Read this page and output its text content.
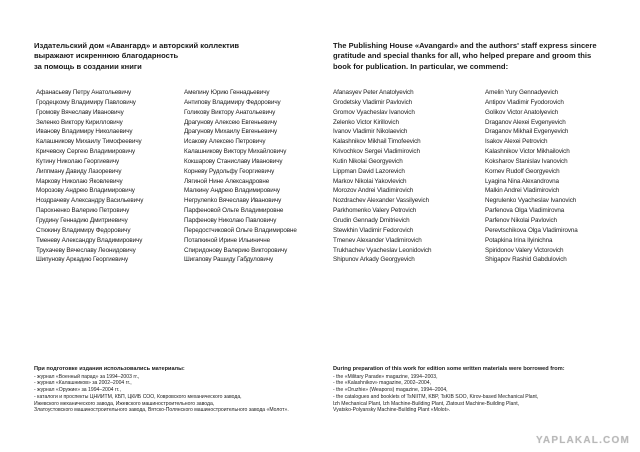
Издательский дом «Авангард» и авторский коллектив
выражают искреннюю благодарность
за помощь в создании книги
Афанасьеву Петру Анатольевичу
Гродецкому Владимиру Павловичу
Громову Вячеславу Ивановичу
Зеленко Виктору Кирилловичу
Иванову Владимиру Николаевичу
Калашникову Михаилу Тимофеевичу
Кричевску Сергею Владимировичу
Кутину Николаю Георгиевичу
Липпману Давиду Лазоревичу
Маркову Николаю Яковлевичу
Морозову Андрею Владимировичу
Ноздрачеву Александру Васильевичу
Парохненко Валерию Петровичу
Грудину Геннадию Дмитриевичу
Стюкину Владимиру Федоровичу
Тменеву Александру Владимировичу
Трухачеву Вячеславу Леонидовичу
Шипунову Аркадию Георгиевичу
Амелину Юрию Геннадьевичу
Антипову Владимиру Федоровичу
Голикову Виктору Анатольевичу
Драгунову Алексею Евгеньевичу
Драгунову Михаилу Евгеньевичу
Исакову Алексею Петровичу
Калашникову Виктору Михайловичу
Кокшарову Станиславу Ивановичу
Корневу Рудольфу Георгиевичу
Лягиной Нине Александровне
Малкину Андрею Владимировичу
Негрулenko Вячеславу Ивановичу
Парфеновой Ольге Владимировне
Парфенову Николаю Павловичу
Передостчиковой Ольге Владимировне
Потапкиной Ирине Ильиничне
Спиридонову Валерию Викторовичу
Шигапову Рашиду Габдуловичу
При подготовке издания использовались материалы:
- журнал «Военный парад» за 1994–2003 гг.,
- журнал «Калашников» за 2002–2004 гг.,
- журнал «Оружие» за 1994–2004 гг.,
- каталоги и проспекты ЦНИИТМ, КБП, ЦКИБ СОО, Ковровского механического завода,
Ижевского механического завода, Ижевского машиностроительного завода,
Златоустовского машиностроительного завода, Вятско-Полянского машиностроительного завода «Молот».
The Publishing House «Avangard» and the authors' staff express sincere
gratitude and special thanks for all, who helped prepare and groom this
book for publication. In particular, we commend:
Afanasyev Peter Anatolyevich
Grodetsky Vladimir Pavlovich
Gromov Vyacheslav Ivanovich
Zelenko Victor Kirillovich
Ivanov Vladimir Nikolaevich
Kalashnikov Mikhail Timofeevich
Krivochkov Sergei Vladimirovich
Kutin Nikolai Georgyevich
Lippman David Lazorevich
Markov Nikolai Yakovlevich
Morozov Andrei Vladimirovich
Nozdrachev Alexander Vassilyevich
Parkhomenko Valery Petrovich
Grudin Gennady Dmitrievich
Stewkhin Vladimir Fedorovich
Tmenev Alexander Vladimirovich
Trukhachev Vyacheslav Leonidovich
Shipunov Arkady Georgyevich
Amelin Yury Gennadyevich
Antipov Vladimir Fyodorovich
Golikov Victor Anatolyevich
Draganov Alexei Evgenyevich
Draganov Mikhail Evgenyevich
Isakov Alexei Petrovich
Kalashnikov Victor Mikhailovich
Koksharov Stanislav Ivanovich
Kornev Rudolf Georgyevich
Lyagina Nina Alexandrovna
Malkin Andrei Vladimirovich
Negrulenko Vyacheslav Ivanovich
Parfenova Olga Vladimirovna
Parfenov Nikolai Pavlovich
Perevtschikova Olga Vladimirovna
Potapkina Irina Ilyinichna
Spiridonov Valery Victorovich
Shigapov Rashid Gabdulovich
During preparation of this work for edition some written materials were borrowed from:
- the «Military Parade» magazine, 1994–2003,
- the «Kalashnikov» magazine, 2002–2004,
- the «Oruzhie» (Weapons) magazine, 1994–2004,
- the catalogues and booklets of TsNIITM, KBP, TsKIB SOO, Kirov-based Mechanical Plant,
Izh Mechanical Plant, Izh Machine-Building Plant, Zlatoust Machine-Building Plant,
Vyatsko-Polyansky Machine-Building Plant «Molot».
YAPLAKAL.COM
